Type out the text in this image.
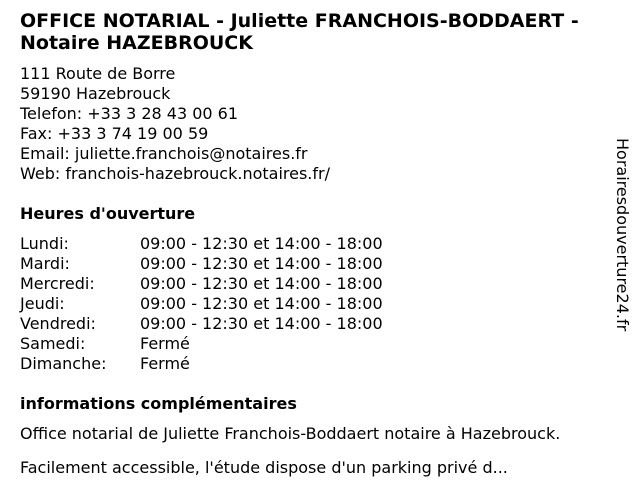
OFFICE NOTARIAL - Juliette FRANCHOIS-BODDAERT - Notaire HAZEBROUCK
111 Route de Borre
59190 Hazebrouck
Telefon: +33 3 28 43 00 61
Fax: +33 3 74 19 00 59
Email: juliette.franchois@notaires.fr
Web: franchois-hazebrouck.notaires.fr/
Heures d'ouverture
Lundi:	09:00 - 12:30 et 14:00 - 18:00
Mardi:	09:00 - 12:30 et 14:00 - 18:00
Mercredi:	09:00 - 12:30 et 14:00 - 18:00
Jeudi:	09:00 - 12:30 et 14:00 - 18:00
Vendredi:	09:00 - 12:30 et 14:00 - 18:00
Samedi:	Fermé
Dimanche:	Fermé
informations complémentaires
Office notarial de Juliette Franchois-Boddaert notaire à Hazebrouck.
Facilement accessible, l'étude dispose d'un parking privé d...
Horairesdouverture24.fr
